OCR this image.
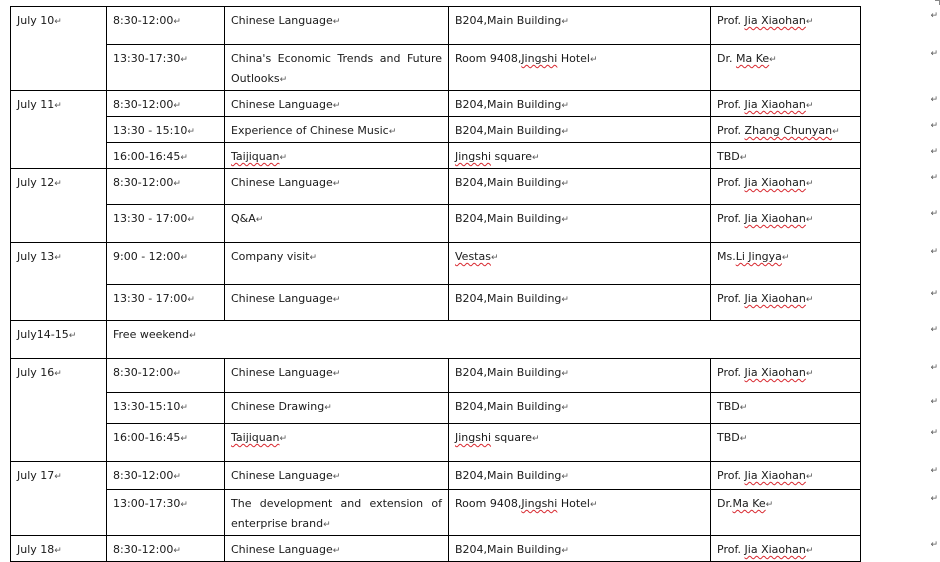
July 10↵	8:30-12:00↵	Chinese Language↵	B204,Main Building↵	Prof. Jia Xiaohan↵
	13:30-17:30↵	China's Economic Trends and Future Outlooks↵	Room 9408,Jingshi Hotel↵	Dr. Ma Ke↵
July 11↵	8:30-12:00↵	Chinese Language↵	B204,Main Building↵	Prof. Jia Xiaohan↵
	13:30 - 15:10↵	Experience of Chinese Music↵	B204,Main Building↵	Prof. Zhang Chunyan↵
	16:00-16:45↵	Taijiquan↵	Jingshi square↵	TBD↵
July 12↵	8:30-12:00↵	Chinese Language↵	B204,Main Building↵	Prof. Jia Xiaohan↵
	13:30 - 17:00↵	Q&A↵	B204,Main Building↵	Prof. Jia Xiaohan↵
July 13↵	9:00 - 12:00↵	Company visit↵	Vestas↵	Ms.Li Jingya↵
	13:30 - 17:00↵	Chinese Language↵	B204,Main Building↵	Prof. Jia Xiaohan↵
July14-15↵	Free weekend↵			
July 16↵	8:30-12:00↵	Chinese Language↵	B204,Main Building↵	Prof. Jia Xiaohan↵
	13:30-15:10↵	Chinese Drawing↵	B204,Main Building↵	TBD↵
	16:00-16:45↵	Taijiquan↵	Jingshi square↵	TBD↵
July 17↵	8:30-12:00↵	Chinese Language↵	B204,Main Building↵	Prof. Jia Xiaohan↵
	13:00-17:30↵	The development and extension of enterprise brand↵	Room 9408,Jingshi Hotel↵	Dr.Ma Ke↵
July 18↵	8:30-12:00↵	Chinese Language↵	B204,Main Building↵	Prof. Jia Xiaohan↵
↵
↵
↵
↵
↵
↵
↵
↵
↵
↵
↵
↵
↵
↵
↵
↵
